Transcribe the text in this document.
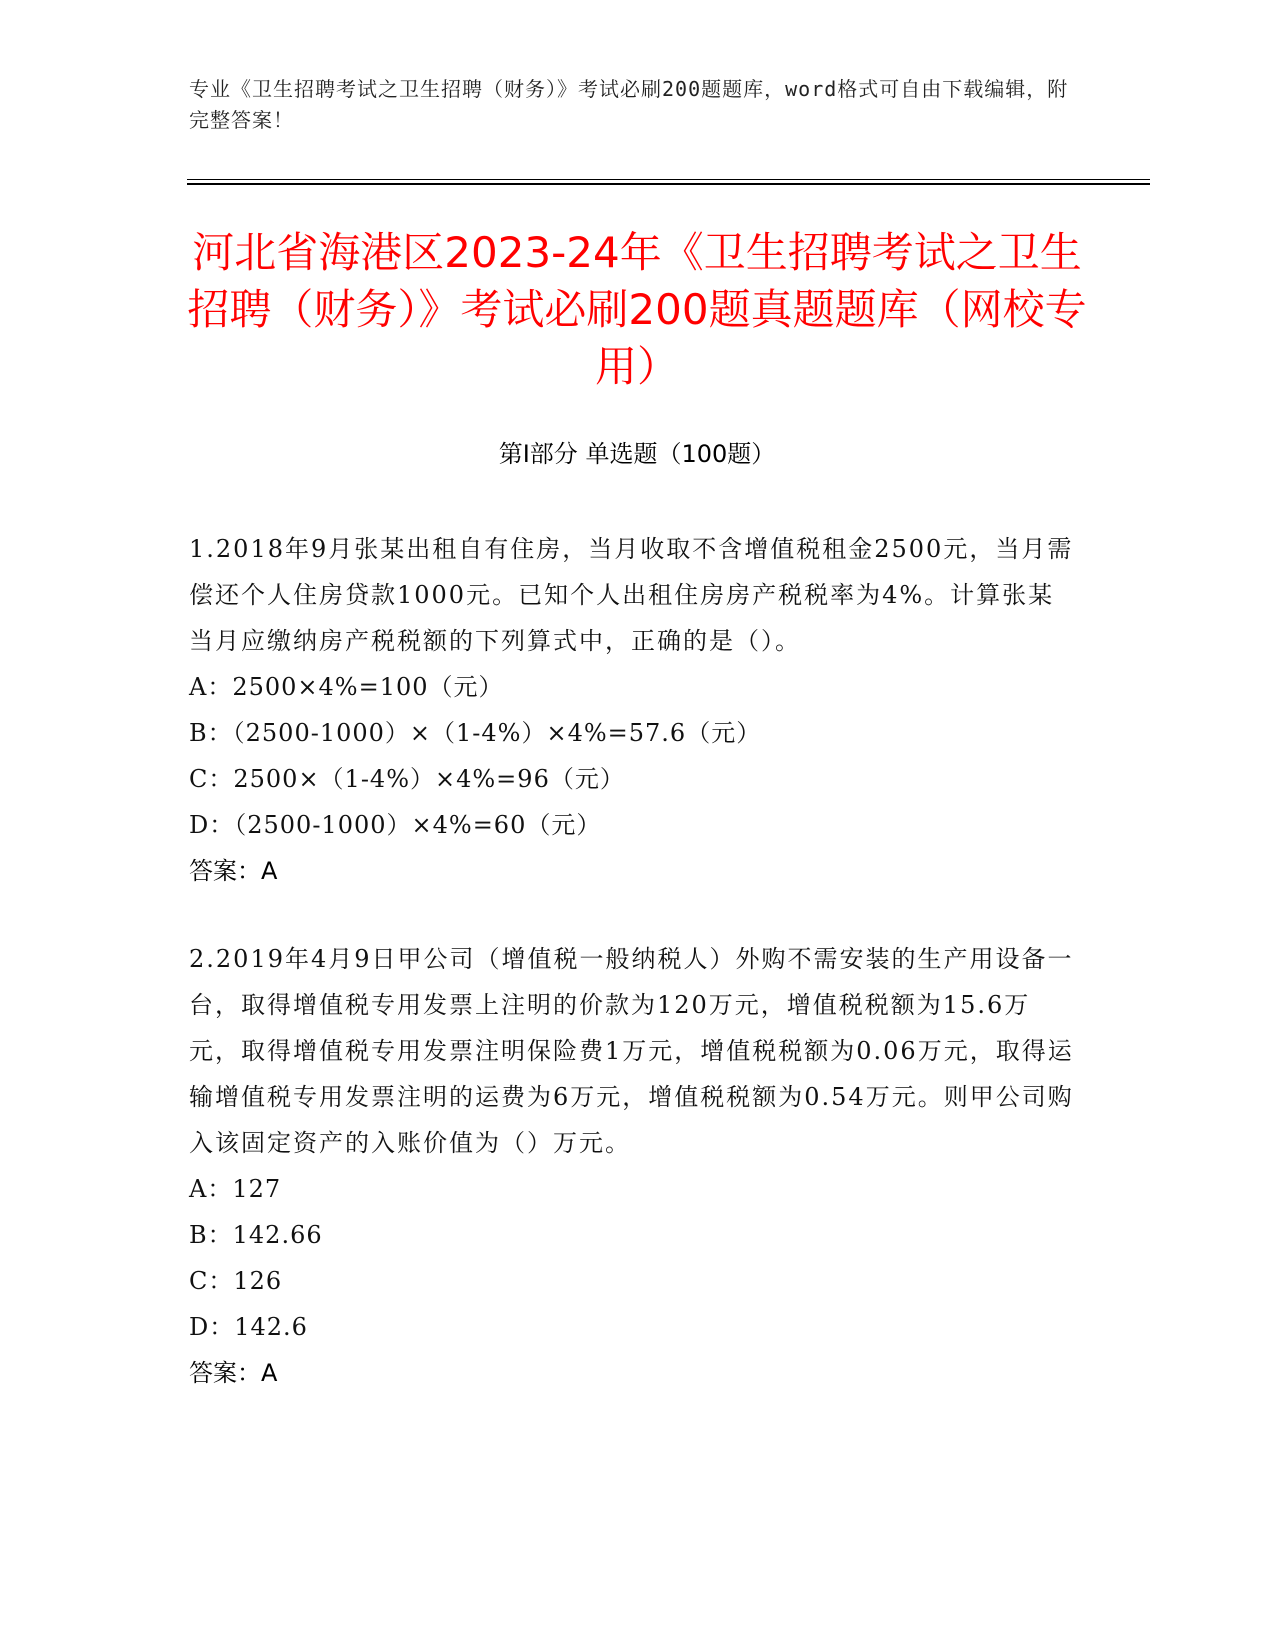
专业《卫生招聘考试之卫生招聘（财务）》考试必刷200题题库，word格式可自由下载编辑，附完整答案！
河北省海港区2023-24年《卫生招聘考试之卫生招聘（财务）》考试必刷200题真题题库（网校专用）
第I部分 单选题（100题）

1.2018年9月张某出租自有住房，当月收取不含增值税租金2500元，当月需偿还个人住房贷款1000元。已知个人出租住房房产税税率为4%。计算张某当月应缴纳房产税税额的下列算式中，正确的是（）。

A：2500×4%=100（元）
B：（2500-1000）×（1-4%）×4%=57.6（元）
C：2500×（1-4%）×4%=96（元）
D：（2500-1000）×4%=60（元）
答案：A

2.2019年4月9日甲公司（增值税一般纳税人）外购不需安装的生产用设备一台，取得增值税专用发票上注明的价款为120万元，增值税税额为15.6万元，取得增值税专用发票注明保险费1万元，增值税税额为0.06万元，取得运输增值税专用发票注明的运费为6万元，增值税税额为0.54万元。则甲公司购入该固定资产的入账价值为（）万元。

A：127
B：142.66
C：126
D：142.6
答案：A
